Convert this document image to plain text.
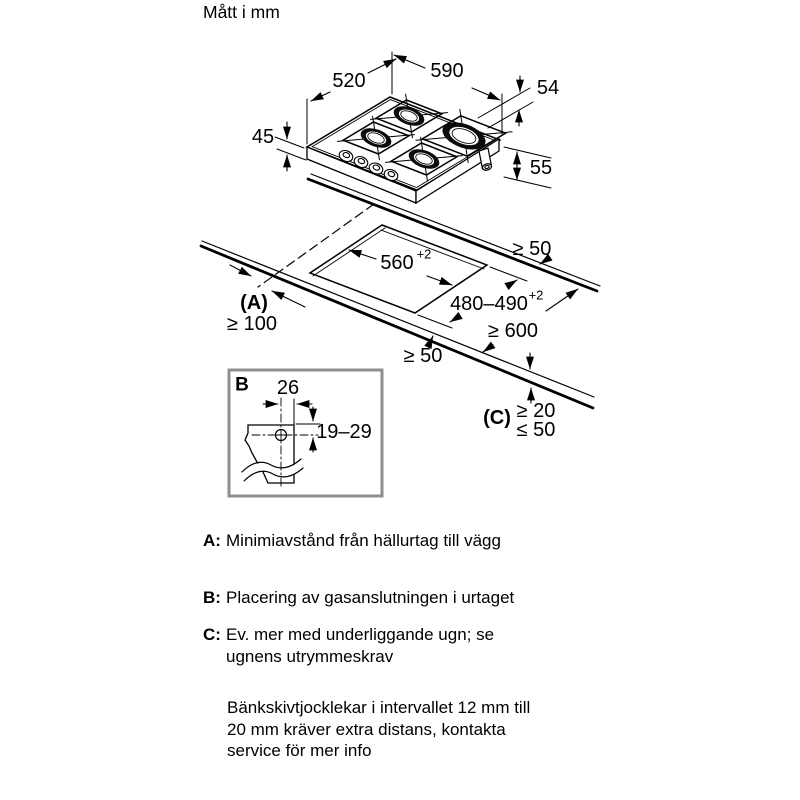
Mått i mm
520	590
54
45
55
≥ 50
560 +2
480–490 +2
(A)
≥ 100	≥ 600
≥ 50
(C) ≥ 20
≤ 50
B 26
19–29
A: Minimiavstånd från hällurtag till vägg
B: Placering av gasanslutningen i urtaget
C: Ev. mer med underliggande ugn; se
ugnens utrymmeskrav
Bänkskivtjocklekar i intervallet 12 mm till
20 mm kräver extra distans, kontakta
service för mer info
